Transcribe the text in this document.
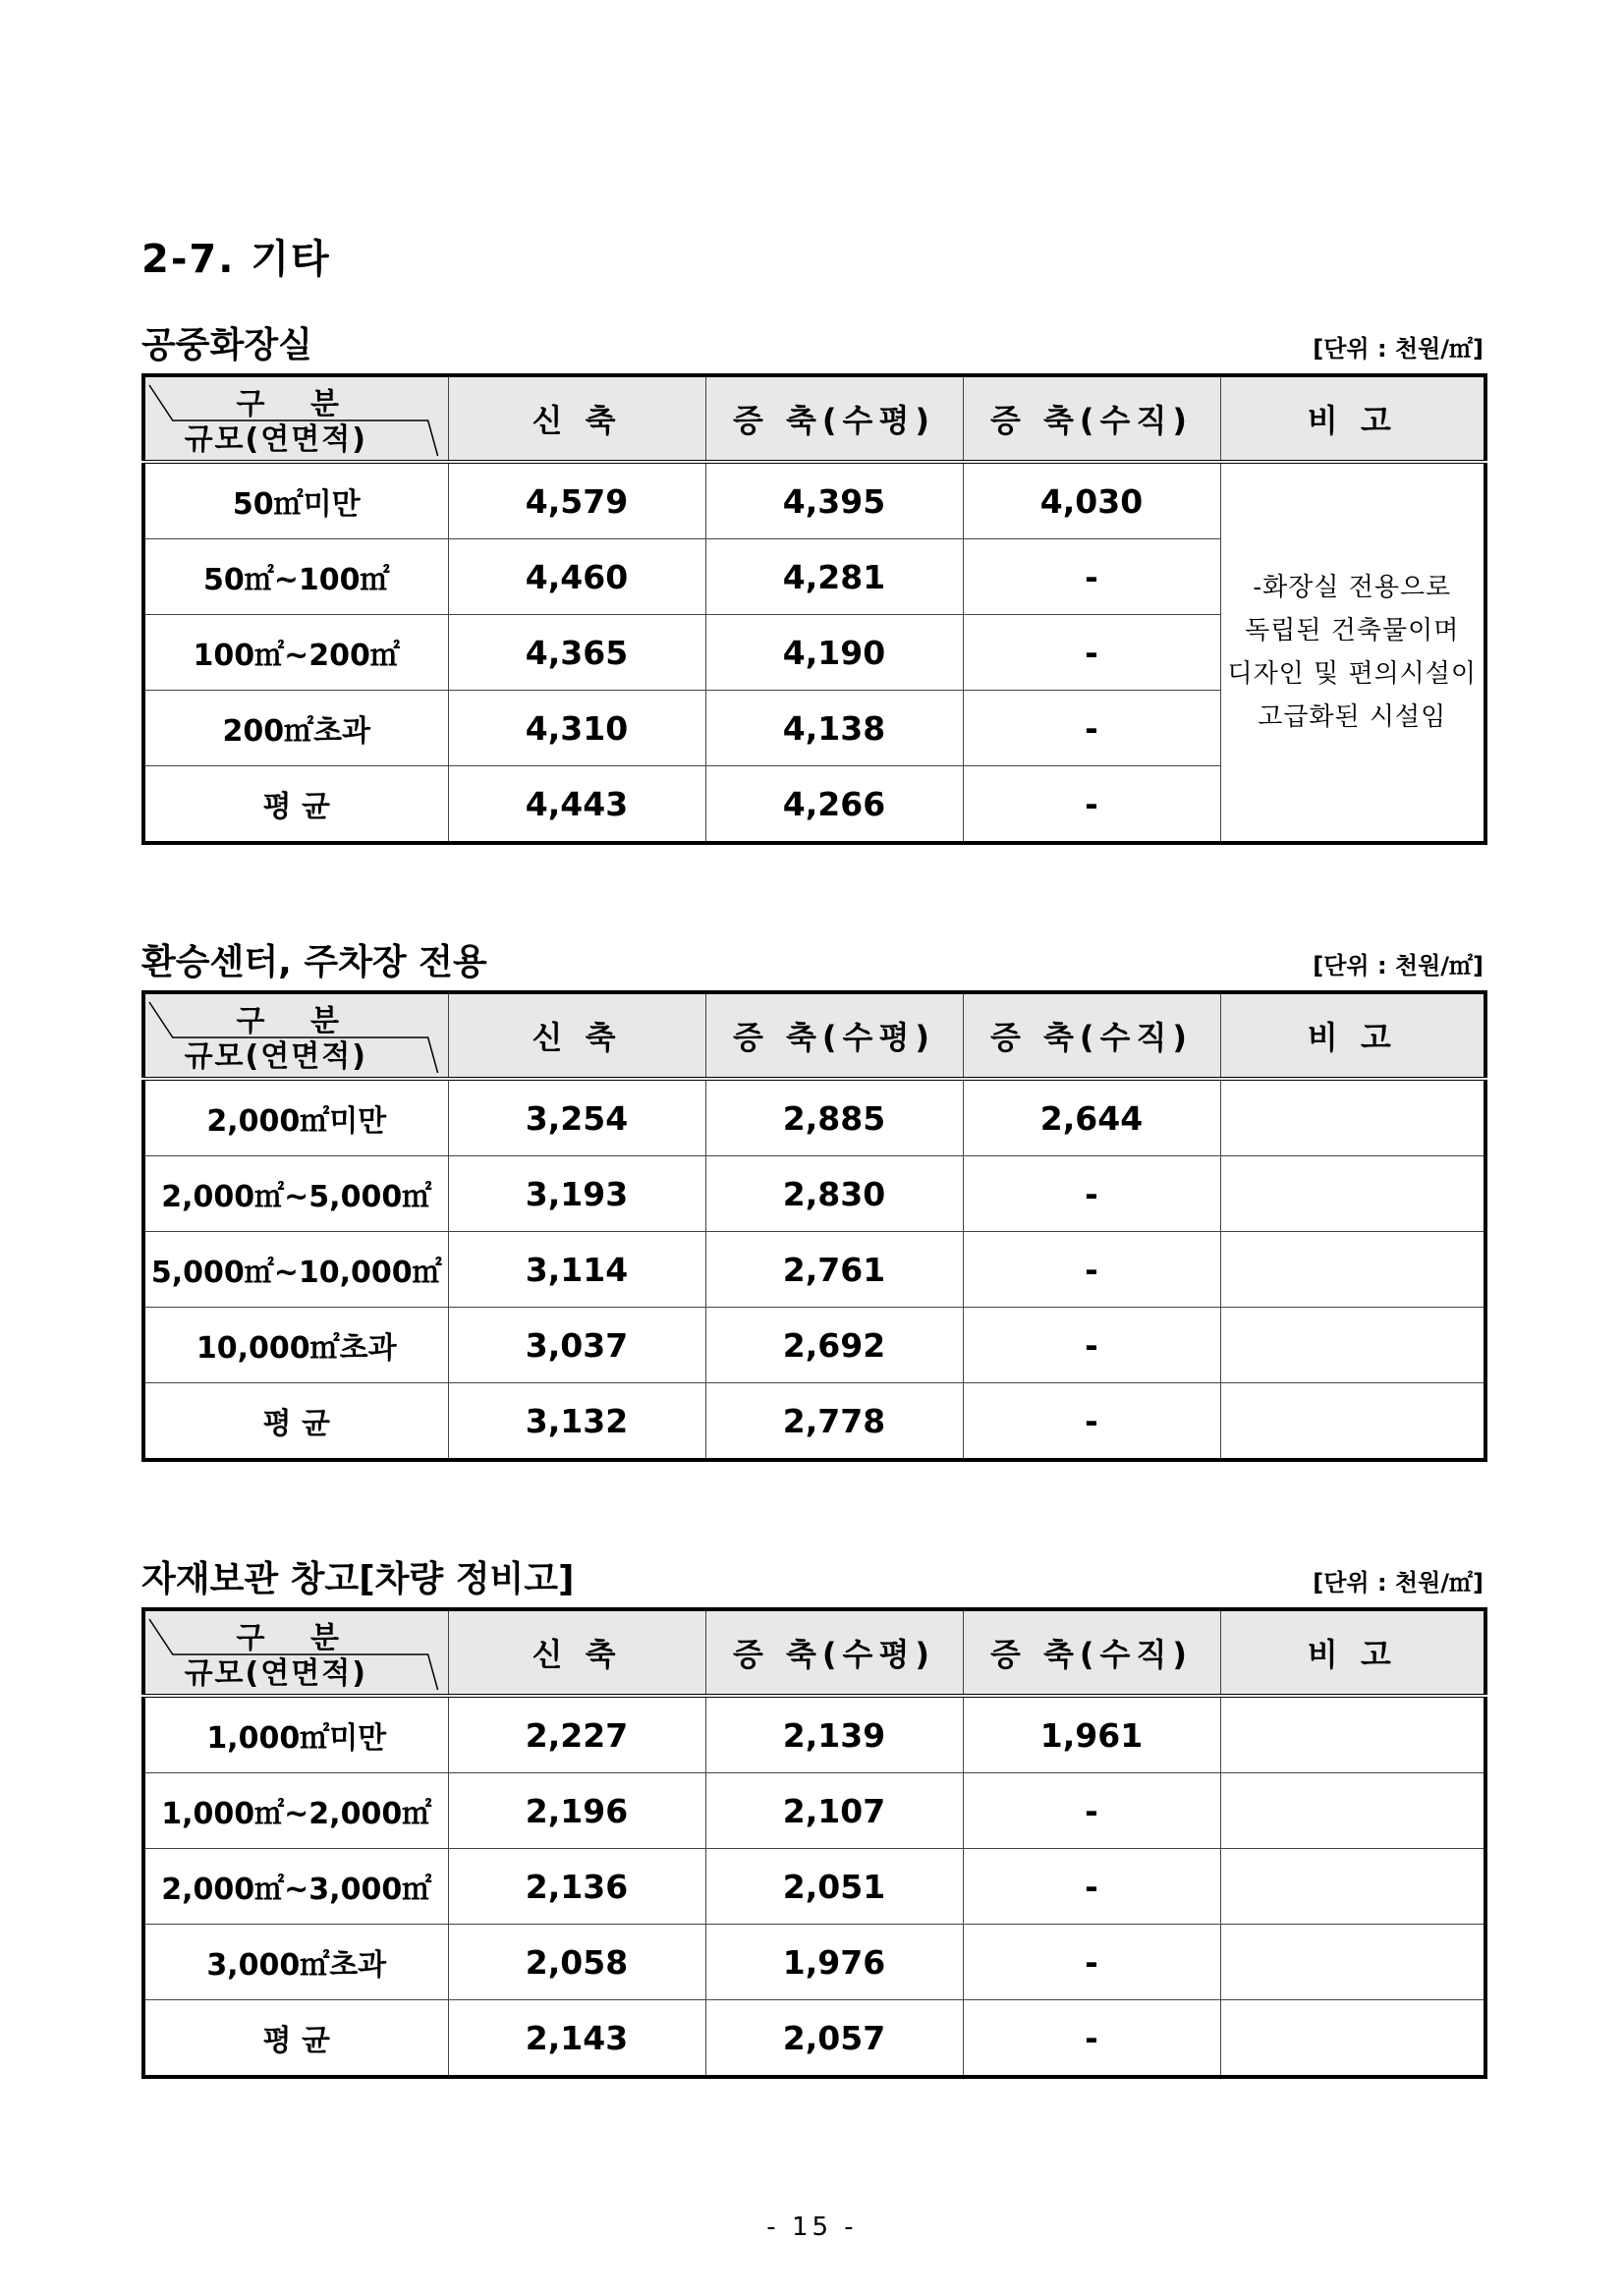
2-7. 기타
공중화장실	[단위 : 천원/㎡]
구 분
규모(연면적)	신 축	증 축(수평)	증 축(수직)	비 고
50㎡미만	4,579	4,395	4,030	-화장실 전용으로
독립된 건축물이며
디자인 및 편의시설이
고급화된 시설임

50㎡~100㎡	4,460	4,281	-	
100㎡~200㎡	4,365	4,190	-	
200㎡초과	4,310	4,138	-	
평 균	4,443	4,266	-	
환승센터, 주차장 전용	[단위 : 천원/㎡]
구 분
규모(연면적)	신 축	증 축(수평)	증 축(수직)	비 고
2,000㎡미만	3,254	2,885	2,644	
2,000㎡~5,000㎡	3,193	2,830	-	
5,000㎡~10,000㎡	3,114	2,761	-	
10,000㎡초과	3,037	2,692	-	
평 균	3,132	2,778	-	
자재보관 창고[차량 정비고]	[단위 : 천원/㎡]
구 분
규모(연면적)	신 축	증 축(수평)	증 축(수직)	비 고
1,000㎡미만	2,227	2,139	1,961	
1,000㎡~2,000㎡	2,196	2,107	-	
2,000㎡~3,000㎡	2,136	2,051	-	
3,000㎡초과	2,058	1,976	-	
평 균	2,143	2,057	-	
- 15 -
